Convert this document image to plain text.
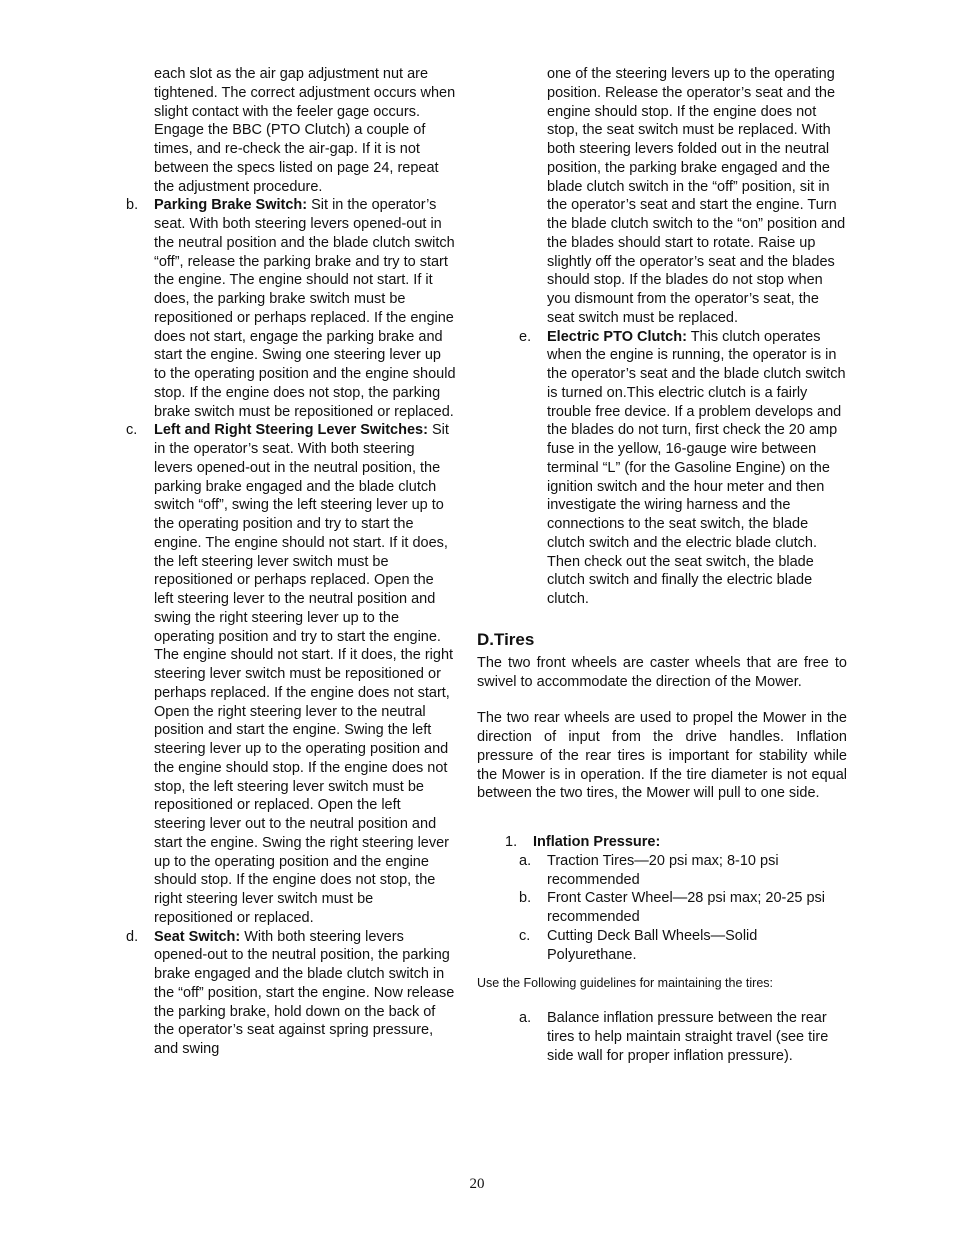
each slot as the air gap adjustment nut are tightened. The correct adjustment occurs when slight contact with the feeler gage occurs. Engage the BBC (PTO Clutch) a couple of times, and re-check the air-gap. If it is not between the specs listed on page 24, repeat the adjustment procedure.
b.	Parking Brake Switch: Sit in the operator’s seat. With both steering levers opened-out in the neutral position and the blade clutch switch “off”, release the parking brake and try to start the engine. The engine should not start. If it does, the parking brake switch must be repositioned or perhaps replaced. If the engine does not start, engage the parking brake and start the engine. Swing one steering lever up to the operating position and the engine should stop. If the engine does not stop, the parking brake switch must be repositioned or replaced.
c.	Left and Right Steering Lever Switches: Sit in the operator’s seat. With both steering levers opened-out in the neutral position, the parking brake engaged and the blade clutch switch “off”, swing the left steering lever up to the operating position and try to start the engine. The engine should not start. If it does, the left steering lever switch must be repositioned or perhaps replaced. Open the left steering lever to the neutral position and swing the right steering lever up to the operating position and try to start the engine. The engine should not start. If it does, the right steering lever switch must be repositioned or perhaps replaced. If the engine does not start, Open the right steering lever to the neutral position and start the engine. Swing the left steering lever up to the operating position and the engine should stop. If the engine does not stop, the left steering lever switch must be repositioned or replaced. Open the left steering lever out to the neutral position and start the engine. Swing the right steering lever up to the operating position and the engine should stop. If the engine does not stop, the right steering lever switch must be repositioned or replaced.
d.	Seat Switch: With both steering levers opened-out to the neutral position, the parking brake engaged and the blade clutch switch in the “off” position, start the engine. Now release the parking brake, hold down on the back of the operator’s seat against spring pressure, and swing
one of the steering levers up to the operating position. Release the operator’s seat and the engine should stop. If the engine does not stop, the seat switch must be replaced. With both steering levers folded out in the neutral position, the parking brake engaged and the blade clutch switch in the “off” position, sit in the operator’s seat and start the engine. Turn the blade clutch switch to the “on” position and the blades should start to rotate. Raise up slightly off the operator’s seat and the blades should stop. If the blades do not stop when you dismount from the operator’s seat, the seat switch must be replaced.
e.	Electric PTO Clutch: This clutch operates when the engine is running, the operator is in the operator’s seat and the blade clutch switch is turned on.This electric clutch is a fairly trouble free device. If a problem develops and the blades do not turn, first check the 20 amp fuse in the yellow, 16-gauge wire between terminal “L” (for the Gasoline Engine) on the ignition switch and the hour meter and then investigate the wiring harness and the connections to the seat switch, the blade clutch switch and the electric blade clutch. Then check out the seat switch, the blade clutch switch and finally the electric blade clutch.
D.Tires

The two front wheels are caster wheels that are free to swivel to accommodate the direction of the Mower.

The two rear wheels are used to propel the Mower in the direction of input from the drive handles. Inflation pressure of the rear tires is important for stability while the Mower is in operation. If the tire diameter is not equal between the two tires, the Mower will pull to one side.

1.	Inflation Pressure:
a.	Traction Tires—20 psi max; 8-10 psi recommended
b.	Front Caster Wheel—28 psi max; 20-25 psi recommended
c.	Cutting Deck Ball Wheels—Solid Polyurethane.

Use the Following guidelines for maintaining the tires:

a.	Balance inflation pressure between the rear tires to help maintain straight travel (see tire side wall for proper inflation pressure).
20
